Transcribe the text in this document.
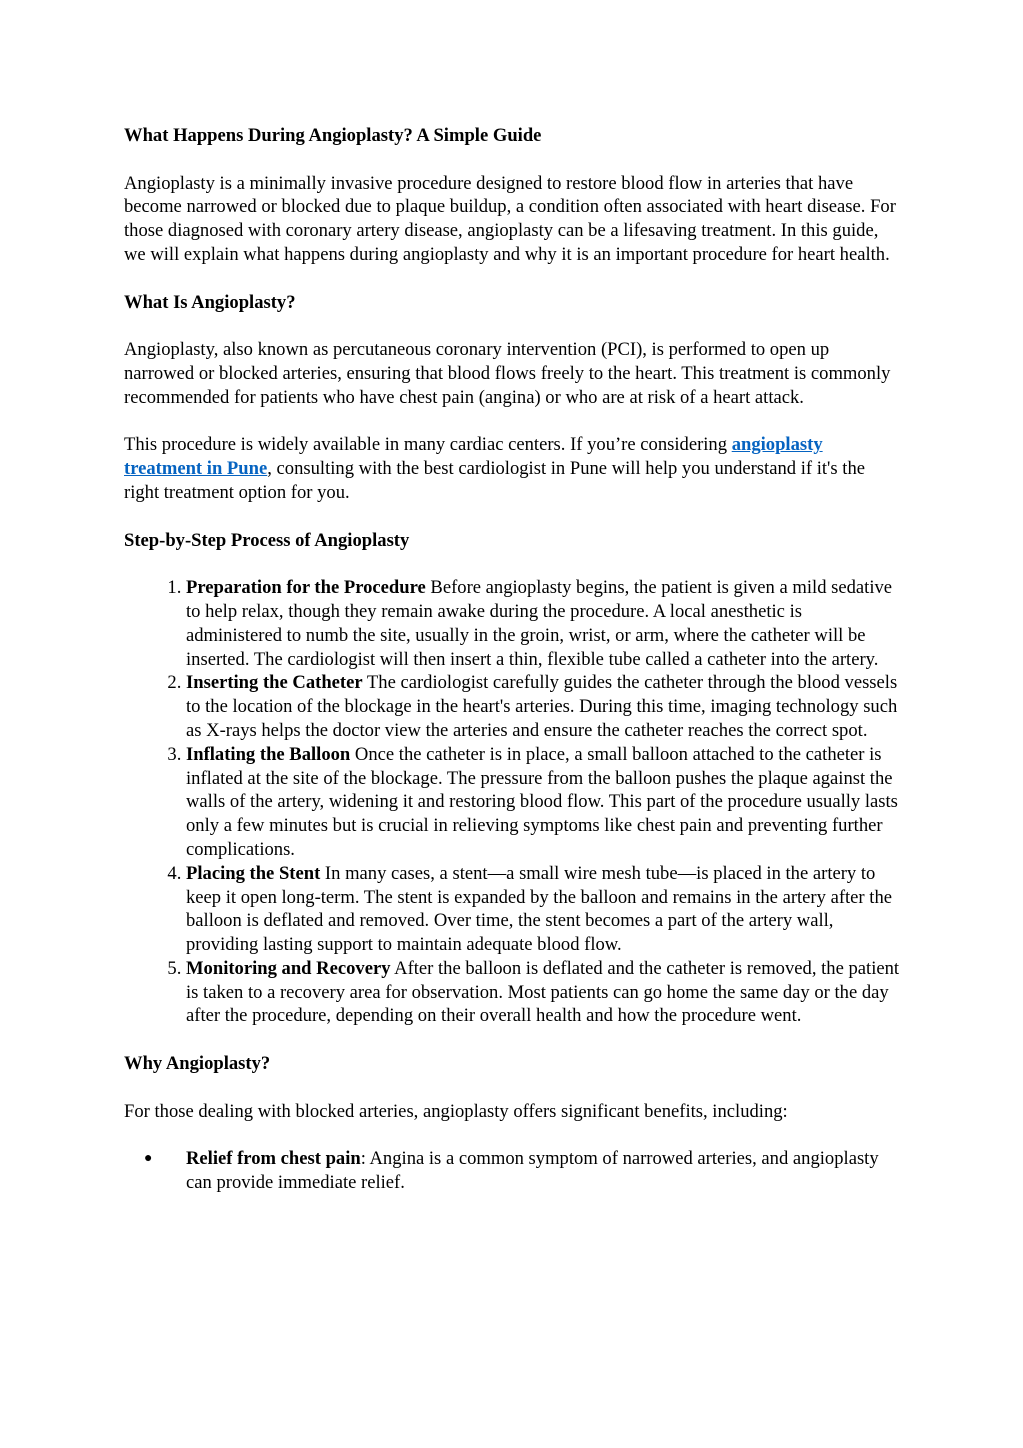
What Happens During Angioplasty? A Simple Guide

Angioplasty is a minimally invasive procedure designed to restore blood flow in arteries that have become narrowed or blocked due to plaque buildup, a condition often associated with heart disease. For those diagnosed with coronary artery disease, angioplasty can be a lifesaving treatment. In this guide, we will explain what happens during angioplasty and why it is an important procedure for heart health.

What Is Angioplasty?

Angioplasty, also known as percutaneous coronary intervention (PCI), is performed to open up narrowed or blocked arteries, ensuring that blood flows freely to the heart. This treatment is commonly recommended for patients who have chest pain (angina) or who are at risk of a heart attack.

This procedure is widely available in many cardiac centers. If you’re considering angioplasty treatment in Pune, consulting with the best cardiologist in Pune will help you understand if it's the right treatment option for you.

Step-by-Step Process of Angioplasty
1. Preparation for the Procedure Before angioplasty begins, the patient is given a mild sedative to help relax, though they remain awake during the procedure. A local anesthetic is administered to numb the site, usually in the groin, wrist, or arm, where the catheter will be inserted. The cardiologist will then insert a thin, flexible tube called a catheter into the artery.
2. Inserting the Catheter The cardiologist carefully guides the catheter through the blood vessels to the location of the blockage in the heart's arteries. During this time, imaging technology such as X-rays helps the doctor view the arteries and ensure the catheter reaches the correct spot.
3. Inflating the Balloon Once the catheter is in place, a small balloon attached to the catheter is inflated at the site of the blockage. The pressure from the balloon pushes the plaque against the walls of the artery, widening it and restoring blood flow. This part of the procedure usually lasts only a few minutes but is crucial in relieving symptoms like chest pain and preventing further complications.
4. Placing the Stent In many cases, a stent—a small wire mesh tube—is placed in the artery to keep it open long-term. The stent is expanded by the balloon and remains in the artery after the balloon is deflated and removed. Over time, the stent becomes a part of the artery wall, providing lasting support to maintain adequate blood flow.
5. Monitoring and Recovery After the balloon is deflated and the catheter is removed, the patient is taken to a recovery area for observation. Most patients can go home the same day or the day after the procedure, depending on their overall health and how the procedure went.
Why Angioplasty?

For those dealing with blocked arteries, angioplasty offers significant benefits, including:

● Relief from chest pain: Angina is a common symptom of narrowed arteries, and angioplasty can provide immediate relief.
